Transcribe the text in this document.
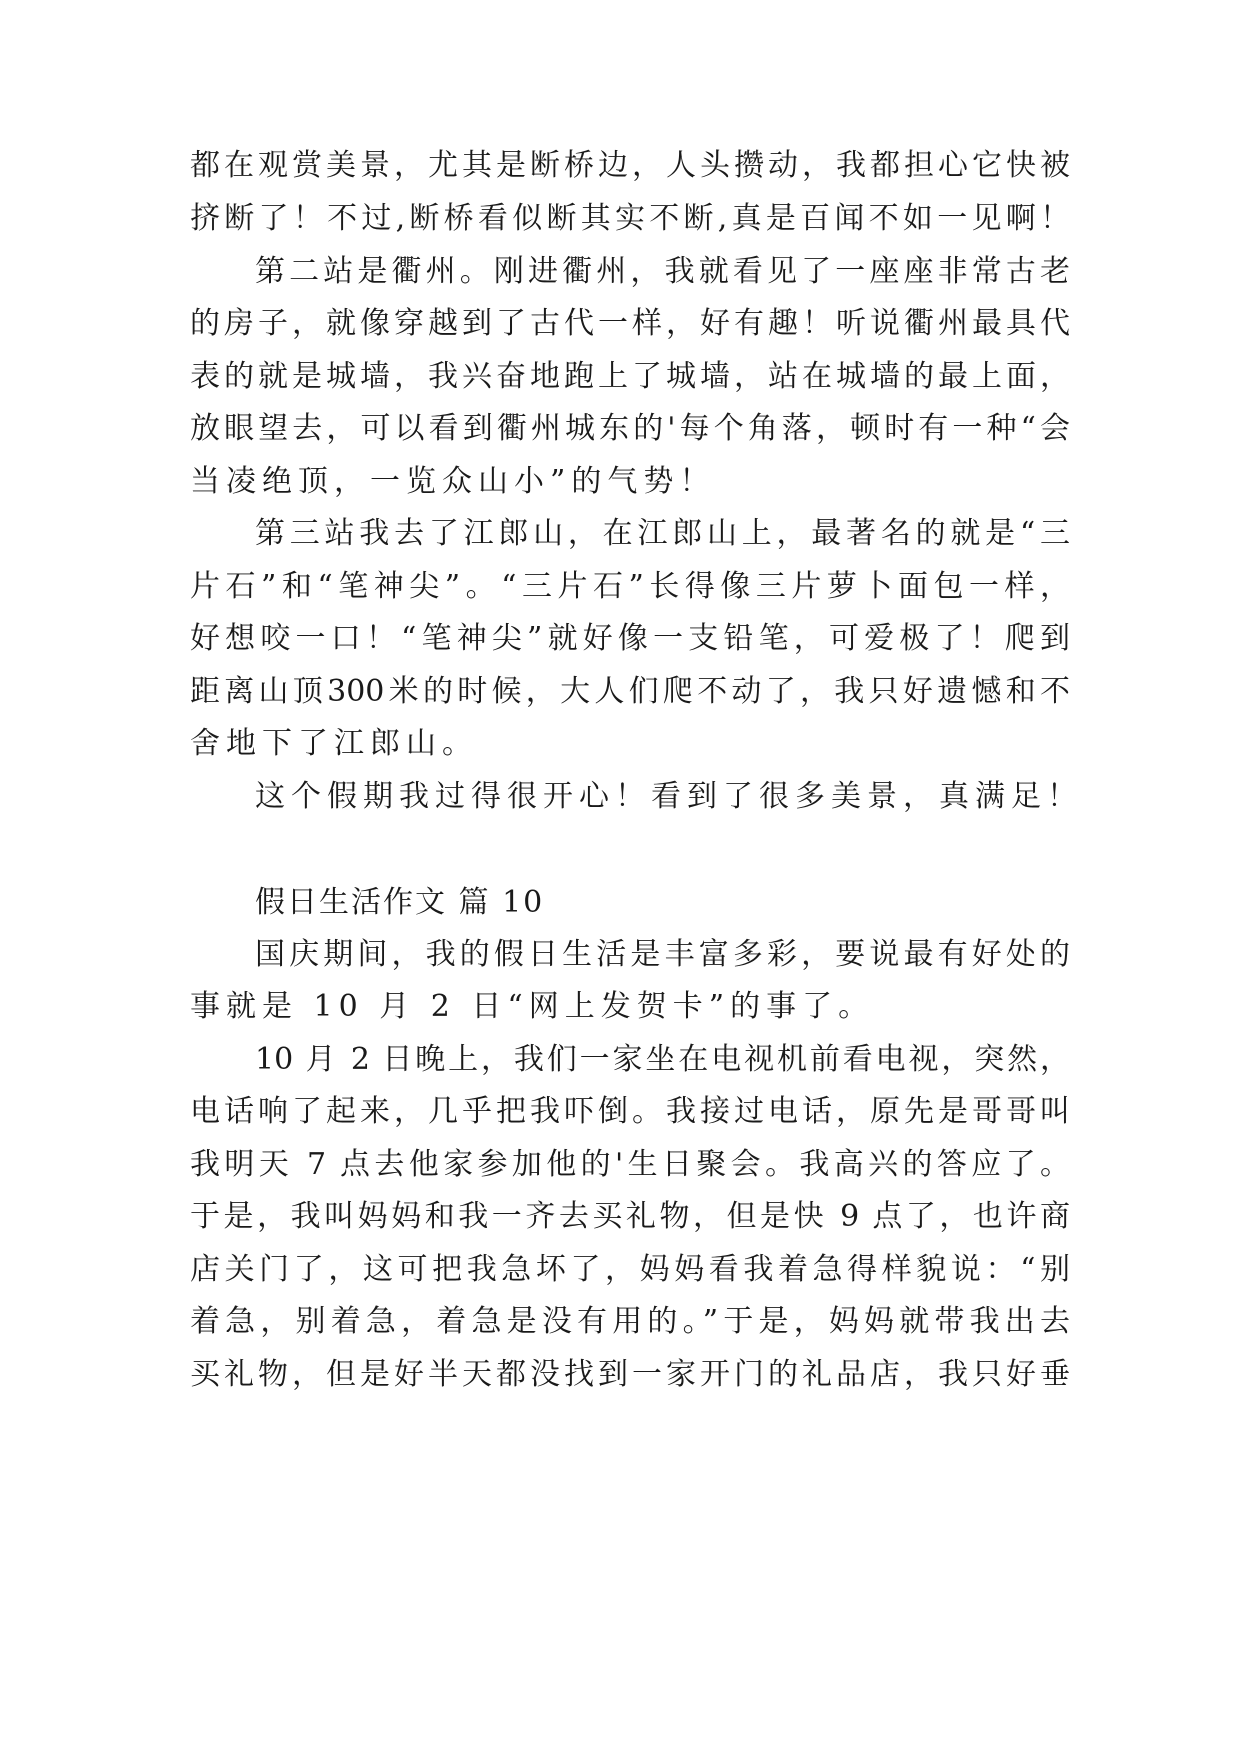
都在观赏美景，尤其是断桥边，人头攒动，我都担心它快被
挤断了！不过,断桥看似断其实不断,真是百闻不如一见啊！
第二站是衢州。刚进衢州，我就看见了一座座非常古老
的房子，就像穿越到了古代一样，好有趣！听说衢州最具代
表的就是城墙，我兴奋地跑上了城墙，站在城墙的最上面，
放眼望去，可以看到衢州城东的'每个角落，顿时有一种“会
当凌绝顶，一览众山小”的气势！
第三站我去了江郎山，在江郎山上，最著名的就是“三
片石”和“笔神尖”。“三片石”长得像三片萝卜面包一样，
好想咬一口！“笔神尖”就好像一支铅笔，可爱极了！爬到
距离山顶300米的时候，大人们爬不动了，我只好遗憾和不
舍地下了江郎山。
这个假期我过得很开心！看到了很多美景，真满足！
假日生活作文 篇 10
国庆期间，我的假日生活是丰富多彩，要说最有好处的
事就是 10 月 2 日“网上发贺卡”的事了。
10 月 2 日晚上，我们一家坐在电视机前看电视，突然，
电话响了起来，几乎把我吓倒。我接过电话，原先是哥哥叫
我明天 7 点去他家参加他的'生日聚会。我高兴的答应了。
于是，我叫妈妈和我一齐去买礼物，但是快 9 点了，也许商
店关门了，这可把我急坏了，妈妈看我着急得样貌说：“别
着急，别着急，着急是没有用的。”于是，妈妈就带我出去
买礼物，但是好半天都没找到一家开门的礼品店，我只好垂
